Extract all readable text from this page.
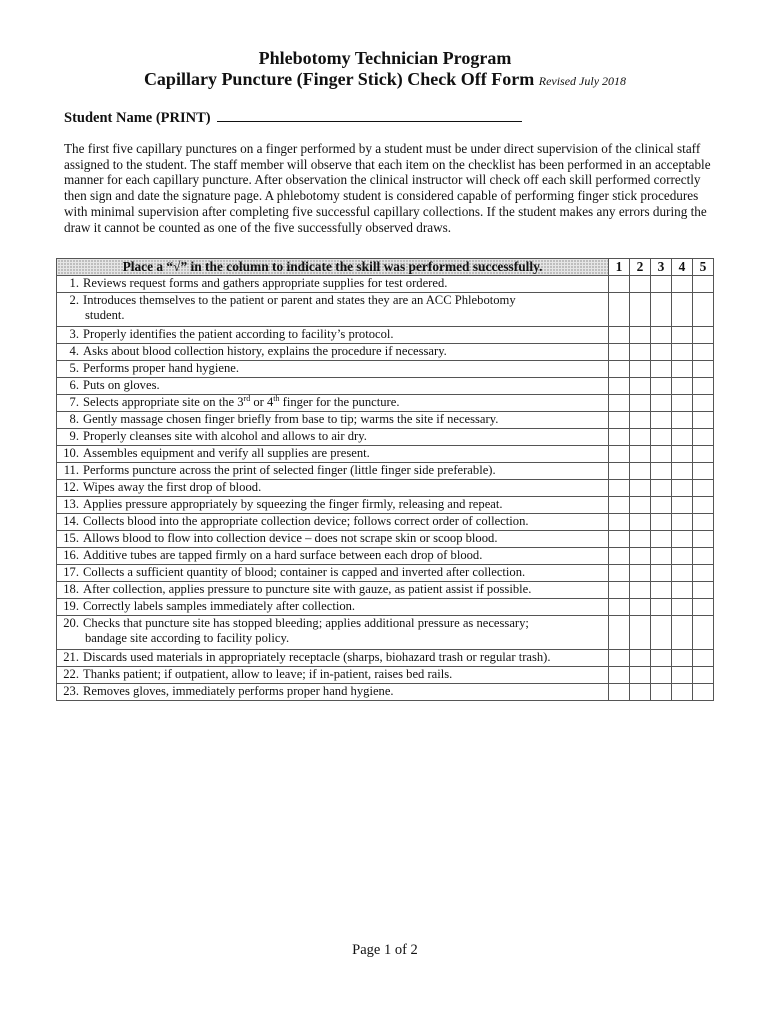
Phlebotomy Technician Program
Capillary Puncture (Finger Stick) Check Off Form Revised July 2018
Student Name (PRINT)

The first five capillary punctures on a finger performed by a student must be under direct supervision of the clinical staff assigned to the student. The staff member will observe that each item on the checklist has been performed in an acceptable manner for each capillary puncture. After observation the clinical instructor will check off each skill performed correctly then sign and date the signature page. A phlebotomy student is considered capable of performing finger stick procedures with minimal supervision after completing five successful capillary collections. If the student makes any errors during the draw it cannot be counted as one of the five successfully observed draws.

Place a “√” in the column to indicate the skill was performed successfully.	1	2	3	4	5
1. Reviews request forms and gathers appropriate supplies for test ordered.					
2. Introduces themselves to the patient or parent and states they are an ACC Phlebotomy
student.					

3. Properly identifies the patient according to facility’s protocol.					
4. Asks about blood collection history, explains the procedure if necessary.					
5. Performs proper hand hygiene.					
6. Puts on gloves.					
7. Selects appropriate site on the 3rd or 4th finger for the puncture.					
8. Gently massage chosen finger briefly from base to tip; warms the site if necessary.					
9. Properly cleanses site with alcohol and allows to air dry.					
10. Assembles equipment and verify all supplies are present.					
11. Performs puncture across the print of selected finger (little finger side preferable).					
12. Wipes away the first drop of blood.					
13. Applies pressure appropriately by squeezing the finger firmly, releasing and repeat.					
14. Collects blood into the appropriate collection device; follows correct order of collection.					
15. Allows blood to flow into collection device – does not scrape skin or scoop blood.					
16. Additive tubes are tapped firmly on a hard surface between each drop of blood.					
17. Collects a sufficient quantity of blood; container is capped and inverted after collection.					
18. After collection, applies pressure to puncture site with gauze, as patient assist if possible.					
19. Correctly labels samples immediately after collection.					
20. Checks that puncture site has stopped bleeding; applies additional pressure as necessary;
bandage site according to facility policy.					

21. Discards used materials in appropriately receptacle (sharps, biohazard trash or regular trash).					
22. Thanks patient; if outpatient, allow to leave; if in-patient, raises bed rails.					
23. Removes gloves, immediately performs proper hand hygiene.					
Page 1 of 2
